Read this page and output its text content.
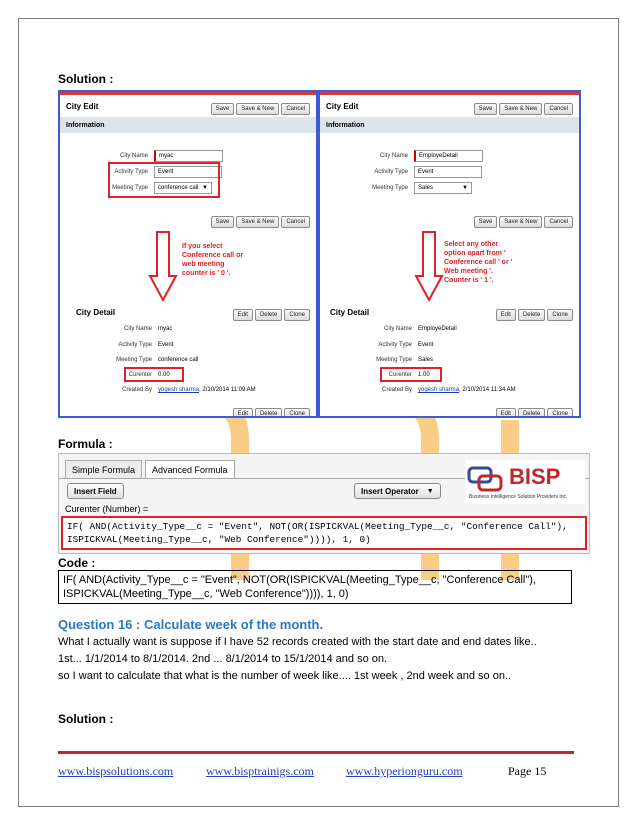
Solution :
City Edit	Save Save & New Cancel
Information
City Name	myac
Activity Type	Event
Meeting Type	conference call ▼
Save Save & New Cancel
If you select
Conference call or
web meeting
counter is ' 0 '.
City Detail	Edit Delete Clone
City Name	myac
Activity Type	Event
Meeting Type	conference call
Curenter	0.00
Created By	yogesh sharma , 2/10/2014 11:09 AM
Edit Delete Clone
City Edit	Save Save & New Cancel
Information
City Name	EmployeDetail
Activity Type	Event
Meeting Type	Sales	▼
Save Save & New Cancel
Select any other
option apart from '
Conference call ' or '
Web meeting '.
Counter is ' 1 '.
City Detail	Edit Delete Clone
City Name	EmployeDetail
Activity Type	Event
Meeting Type	Sales
Curenter	1.00
Created By	yogesh sharma , 2/10/2014 11:34 AM
Edit Delete Clone
Formula :
Simple Formula	Advanced Formula
Insert Field	Insert Operator ▼
BISP
Business Intelligence Solution Providers Inc.
Curenter (Number) =
IF( AND(Activity_Type__c = "Event", NOT(OR(ISPICKVAL(Meeting_Type__c, "Conference Call"),
ISPICKVAL(Meeting_Type__c, "Web Conference")))), 1, 0)
Code :
IF( AND(Activity_Type__c = "Event", NOT(OR(ISPICKVAL(Meeting_Type__c, "Conference Call"),
ISPICKVAL(Meeting_Type__c, "Web Conference")))), 1, 0)
Question 16 : Calculate week of the month.
What I actually want is suppose if I have 52 records created with the start date and end dates like..
1st... 1/1/2014 to 8/1/2014. 2nd ... 8/1/2014 to 15/1/2014 and so on.
so I want to calculate that what is the number of week like.... 1st week , 2nd week and so on..
Solution :
www.bispsolutions.com	www.bisptrainigs.com	www.hyperionguru.com	Page 15
